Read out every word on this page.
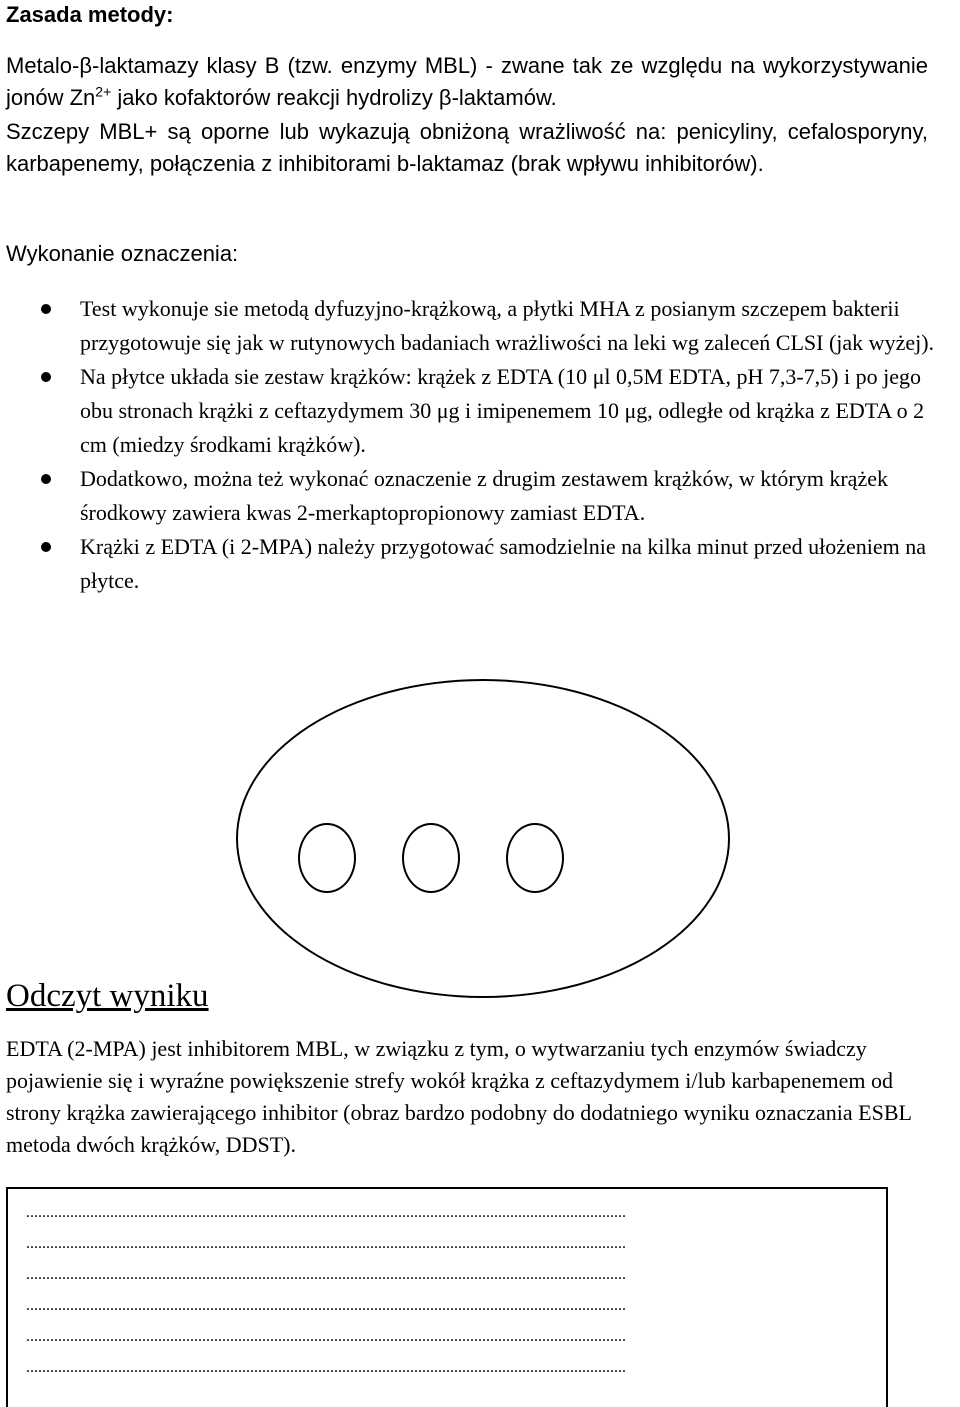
Zasada metody:

Metalo-β-laktamazy klasy B (tzw. enzymy MBL) - zwane tak ze względu na wykorzystywanie jonów $Zn^{2+}$ jako kofaktorów reakcji hydrolizy β-laktamów.

Szczepy MBL+ są oporne lub wykazują obniżoną wrażliwość na: penicyliny, cefalosporyny, karbapenemy, połączenia z inhibitorami b-laktamaz (brak wpływu inhibitorów).

Wykonanie oznaczenia:
Test wykonuje sie metodą dyfuzyjno-krążkową, a płytki MHA z posianym szczepem bakterii przygotowuje się jak w rutynowych badaniach wrażliwości na leki wg zaleceń CLSI (jak wyżej).
Na płytce układa sie zestaw krążków: krążek z EDTA (10 μl 0,5M EDTA, pH 7,3-7,5) i po jego obu stronach krążki z ceftazydymem 30 μg i imipenemem 10 μg, odległe od krążka z EDTA o 2 cm (miedzy środkami krążków).
Dodatkowo, można też wykonać oznaczenie z drugim zestawem krążków, w którym krążek środkowy zawiera kwas 2-merkaptopropionowy zamiast EDTA.
Krążki z EDTA (i 2-MPA) należy przygotować samodzielnie na kilka minut przed ułożeniem na płytce.
Odczyt wyniku

EDTA (2-MPA) jest inhibitorem MBL, w związku z tym, o wytwarzaniu tych enzymów świadczy pojawienie się i wyraźne powiększenie strefy wokół krążka z ceftazydymem i/lub karbapenemem od strony krążka zawierającego inhibitor (obraz bardzo podobny do dodatniego wyniku oznaczania ESBL metoda dwóch krążków, DDST).

......................................................................................................................................................
......................................................................................................................................................
......................................................................................................................................................
......................................................................................................................................................
......................................................................................................................................................
......................................................................................................................................................
